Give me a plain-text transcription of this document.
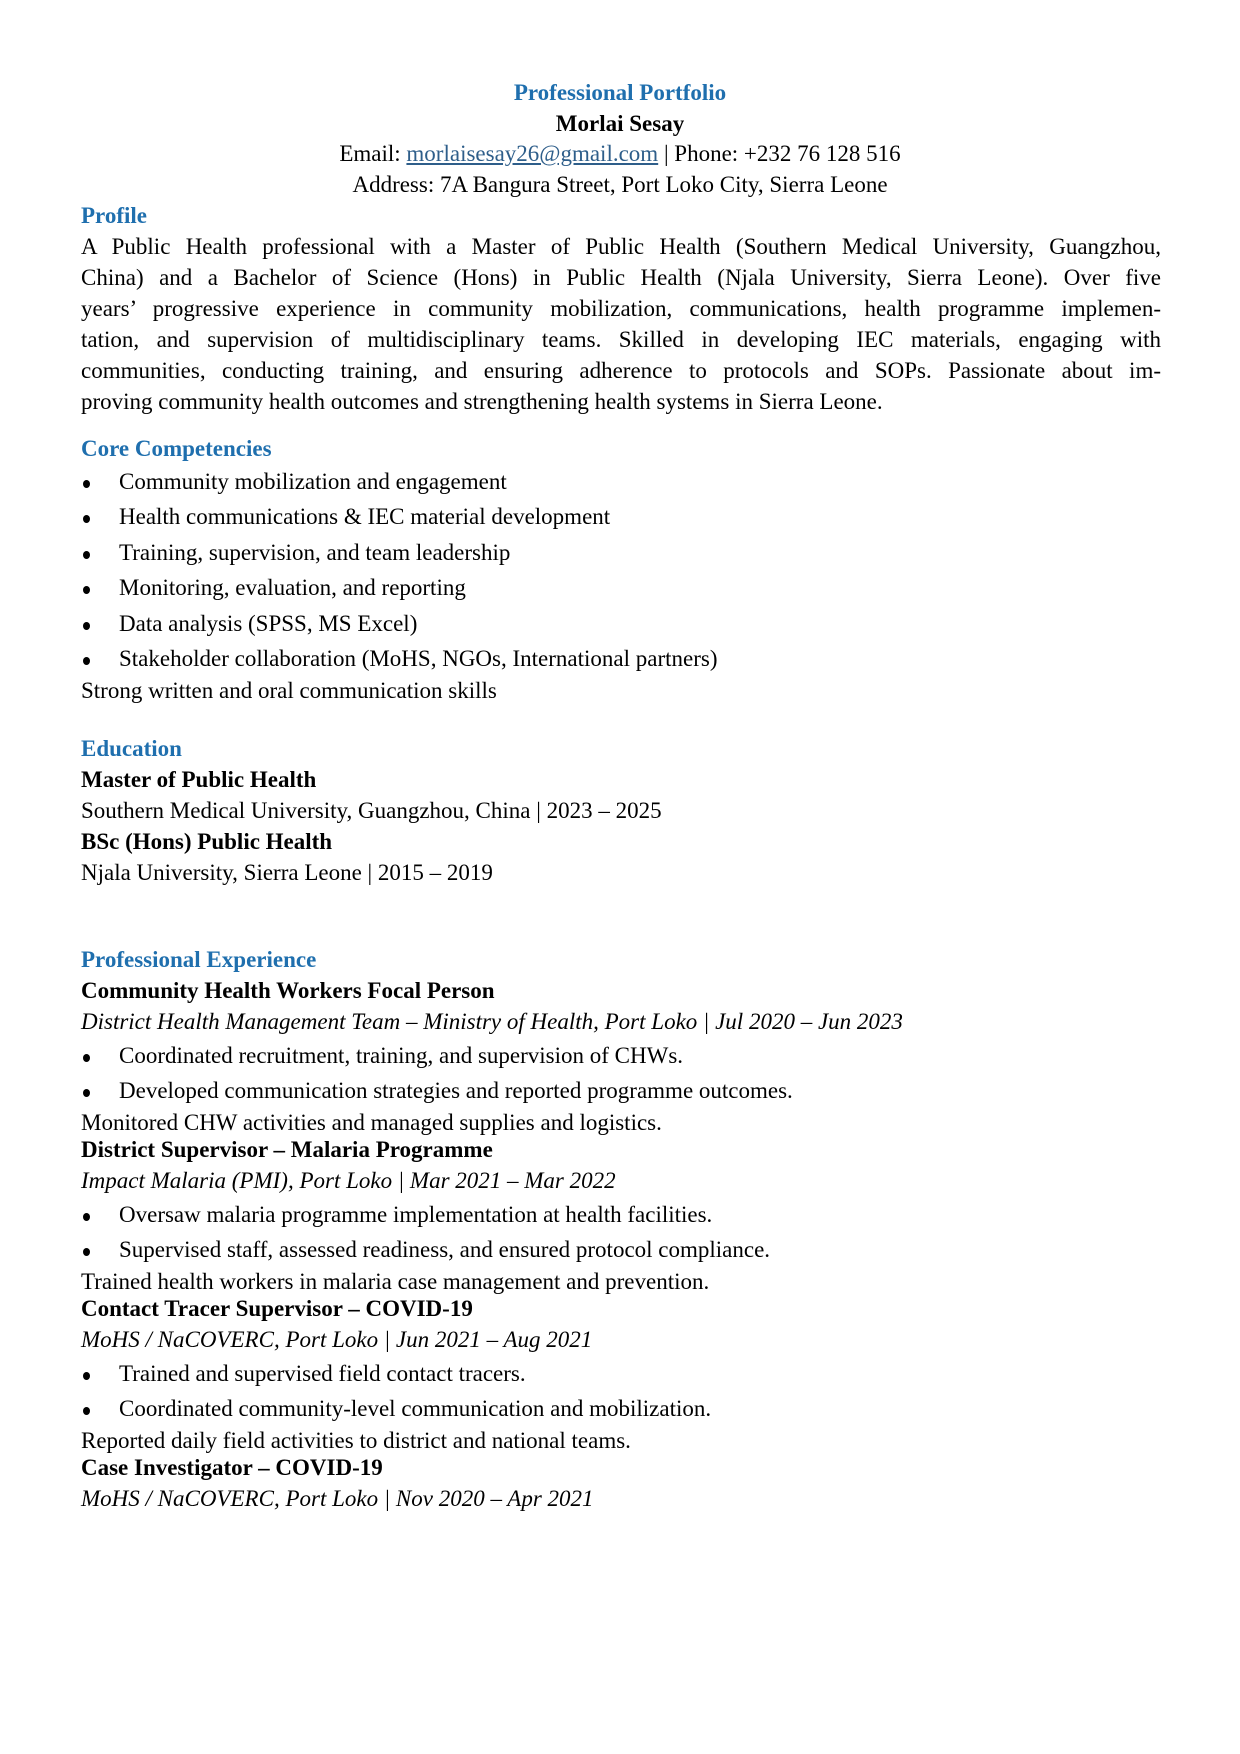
Professional Portfolio
Morlai Sesay
Email: morlaisesay26@gmail.com | Phone: +232 76 128 516
Address: 7A Bangura Street, Port Loko City, Sierra Leone
Profile
A Public Health professional with a Master of Public Health (Southern Medical University, Guangzhou,
China) and a Bachelor of Science (Hons) in Public Health (Njala University, Sierra Leone). Over five
years’ progressive experience in community mobilization, communications, health programme implemen-
tation, and supervision of multidisciplinary teams. Skilled in developing IEC materials, engaging with
communities, conducting training, and ensuring adherence to protocols and SOPs. Passionate about im-
proving community health outcomes and strengthening health systems in Sierra Leone.
Core Competencies
Community mobilization and engagement
Health communications & IEC material development
Training, supervision, and team leadership
Monitoring, evaluation, and reporting
Data analysis (SPSS, MS Excel)
Stakeholder collaboration (MoHS, NGOs, International partners)
Strong written and oral communication skills
Education
Master of Public Health
Southern Medical University, Guangzhou, China | 2023 – 2025
BSc (Hons) Public Health
Njala University, Sierra Leone | 2015 – 2019
Professional Experience
Community Health Workers Focal Person
District Health Management Team – Ministry of Health, Port Loko | Jul 2020 – Jun 2023
Coordinated recruitment, training, and supervision of CHWs.
Developed communication strategies and reported programme outcomes.
Monitored CHW activities and managed supplies and logistics.
District Supervisor – Malaria Programme
Impact Malaria (PMI), Port Loko | Mar 2021 – Mar 2022
Oversaw malaria programme implementation at health facilities.
Supervised staff, assessed readiness, and ensured protocol compliance.
Trained health workers in malaria case management and prevention.
Contact Tracer Supervisor – COVID-19
MoHS / NaCOVERC, Port Loko | Jun 2021 – Aug 2021
Trained and supervised field contact tracers.
Coordinated community-level communication and mobilization.
Reported daily field activities to district and national teams.
Case Investigator – COVID-19
MoHS / NaCOVERC, Port Loko | Nov 2020 – Apr 2021
